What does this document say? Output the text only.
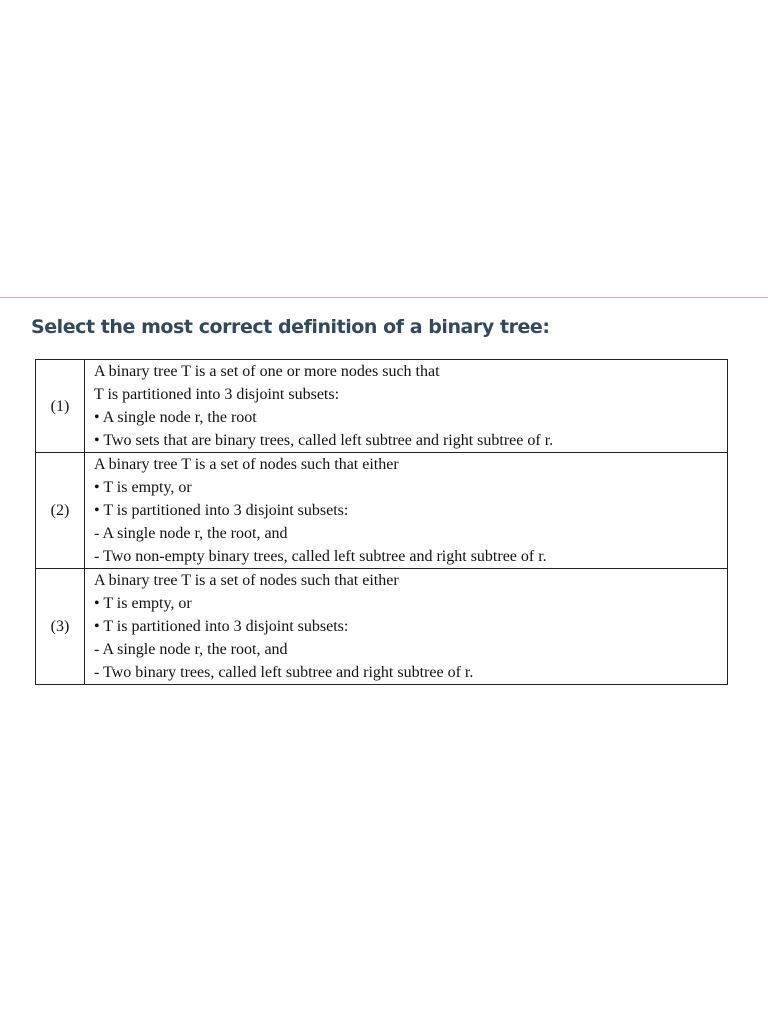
Select the most correct definition of a binary tree:
(1)	A binary tree T is a set of one or more nodes such that
T is partitioned into 3 disjoint subsets:
• A single node r, the root
• Two sets that are binary trees, called left subtree and right subtree of r.

(2)	A binary tree T is a set of nodes such that either
• T is empty, or
• T is partitioned into 3 disjoint subsets:
- A single node r, the root, and
- Two non-empty binary trees, called left subtree and right subtree of r.

(3)	A binary tree T is a set of nodes such that either
• T is empty, or
• T is partitioned into 3 disjoint subsets:
- A single node r, the root, and
- Two binary trees, called left subtree and right subtree of r.
